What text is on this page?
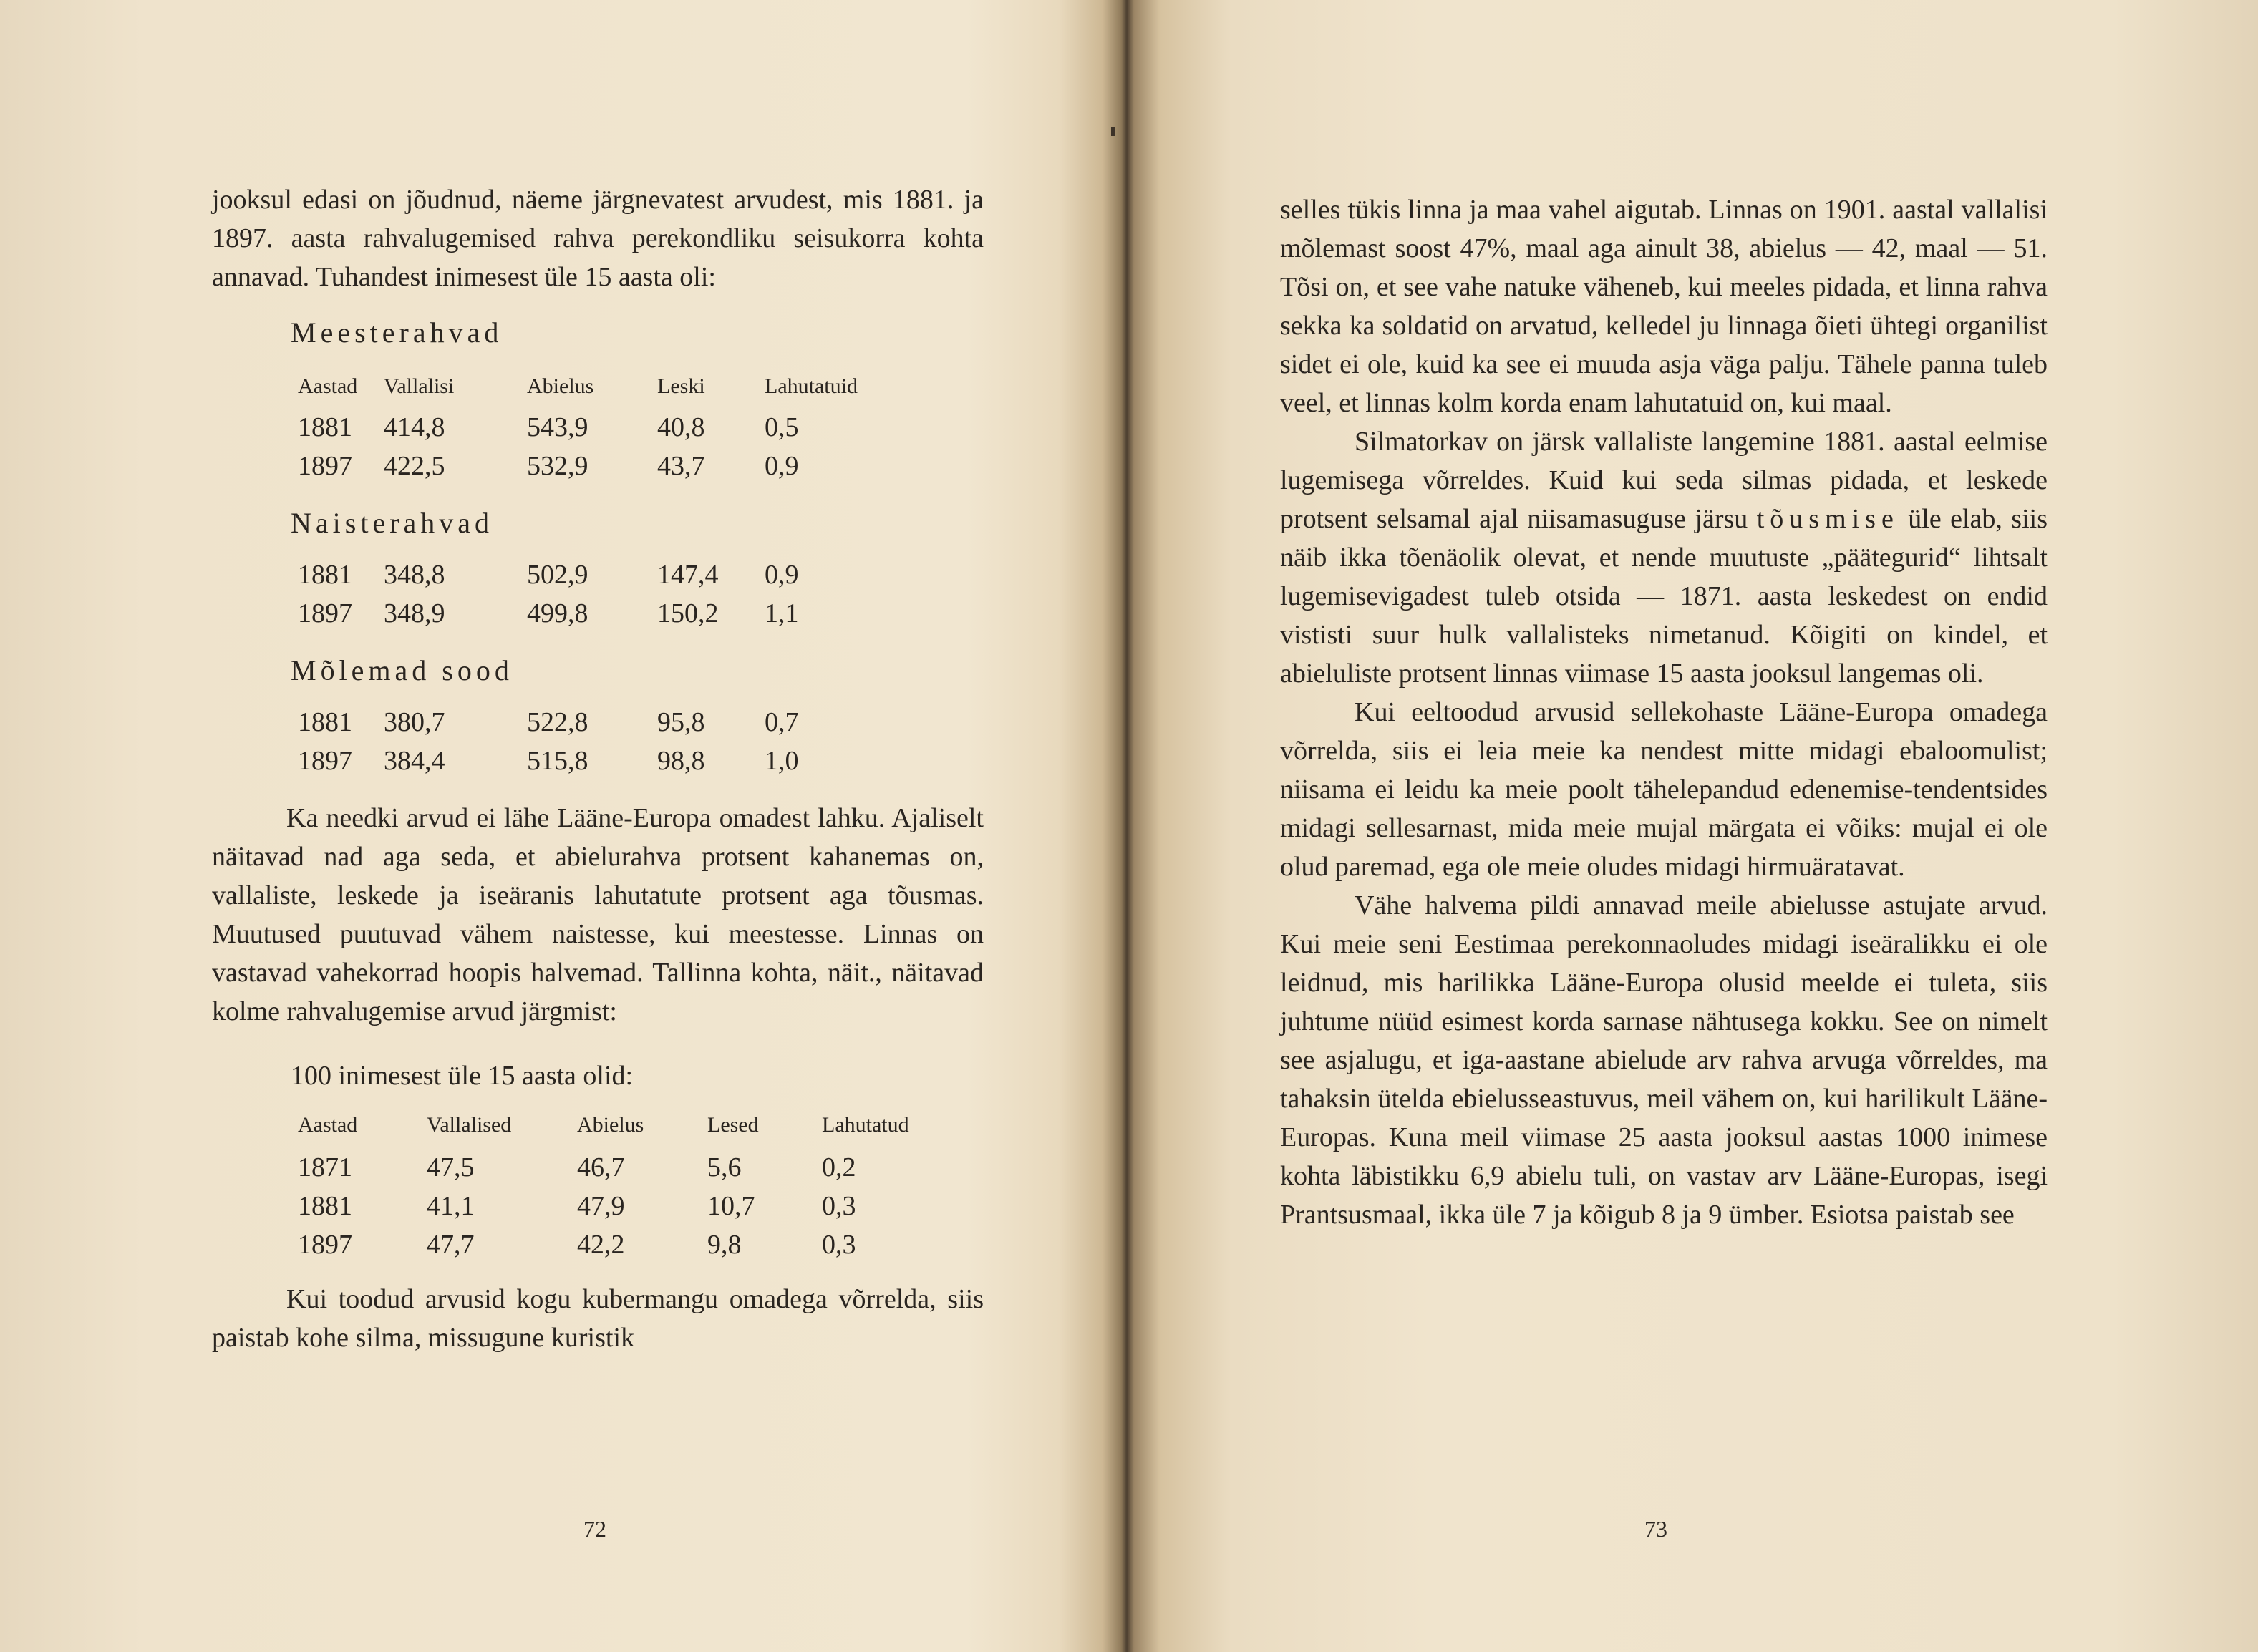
jooksul edasi on jõudnud, näeme järgnevatest arvudest, mis 1881. ja 1897. aasta rahvalugemised rahva perekondliku seisukorra kohta annavad. Tuhandest inimesest üle 15 aasta oli:

Meesterahvad
Aastad	Vallalisi	Abielus	Leski	Lahutatuid
1881	414,8	543,9	40,8	0,5
1897	422,5	532,9	43,7	0,9
Naisterahvad
1881	348,8	502,9	147,4	0,9
1897	348,9	499,8	150,2	1,1
Mõlemad sood
1881	380,7	522,8	95,8	0,7
1897	384,4	515,8	98,8	1,0

Ka needki arvud ei lähe Lääne-Europa omadest lahku. Ajaliselt näitavad nad aga seda, et abielurahva protsent kahanemas on, vallaliste, leskede ja iseäranis lahutatute protsent aga tõusmas. Muutused puutuvad vähem naistesse, kui meestesse. Linnas on vastavad vahekorrad hoopis halvemad. Tallinna kohta, näit., näitavad kolme rahvalugemise arvud järgmist:

100 inimesest üle 15 aasta olid:
Aastad	Vallalised	Abielus	Lesed	Lahutatud
1871	47,5	46,7	5,6	0,2
1881	41,1	47,9	10,7	0,3
1897	47,7	42,2	9,8	0,3

Kui toodud arvusid kogu kubermangu omadega võrrelda, siis paistab kohe silma, missugune kuristik

72

selles tükis linna ja maa vahel aigutab. Linnas on 1901. aastal vallalisi mõlemast soost 47%, maal aga ainult 38, abielus — 42, maal — 51. Tõsi on, et see vahe natuke väheneb, kui meeles pidada, et linna rahva sekka ka soldatid on arvatud, kelledel ju linnaga õieti ühtegi organilist sidet ei ole, kuid ka see ei muuda asja väga palju. Tähele panna tuleb veel, et linnas kolm korda enam lahutatuid on, kui maal.

Silmatorkav on järsk vallaliste langemine 1881. aastal eelmise lugemisega võrreldes. Kuid kui seda silmas pidada, et leskede protsent selsamal ajal niisamasuguse järsu tõusmise üle elab, siis näib ikka tõenäolik olevat, et nende muutuste „päätegurid“ lihtsalt lugemisevigadest tuleb otsida — 1871. aasta leskedest on endid vististi suur hulk vallalisteks nimetanud. Kõigiti on kindel, et abieluliste protsent linnas viimase 15 aasta jooksul langemas oli.

Kui eeltoodud arvusid sellekohaste Lääne-Europa omadega võrrelda, siis ei leia meie ka nendest mitte midagi ebaloomulist; niisama ei leidu ka meie poolt tähelepandud edenemise-tendentsides midagi sellesarnast, mida meie mujal märgata ei võiks: mujal ei ole olud paremad, ega ole meie oludes midagi hirmuäratavat.

Vähe halvema pildi annavad meile abielusse astujate arvud. Kui meie seni Eestimaa perekonnaoludes midagi iseäralikku ei ole leidnud, mis harilikka Lääne-Europa olusid meelde ei tuleta, siis juhtume nüüd esimest korda sarnase nähtusega kokku. See on nimelt see asjalugu, et iga-aastane abielude arv rahva arvuga võrreldes, ma tahaksin ütelda ebielusseastuvus, meil vähem on, kui harilikult Lääne-Europas. Kuna meil viimase 25 aasta jooksul aastas 1000 inimese kohta läbistikku 6,9 abielu tuli, on vastav arv Lääne-Europas, isegi Prantsusmaal, ikka üle 7 ja kõigub 8 ja 9 ümber. Esiotsa paistab see

73
